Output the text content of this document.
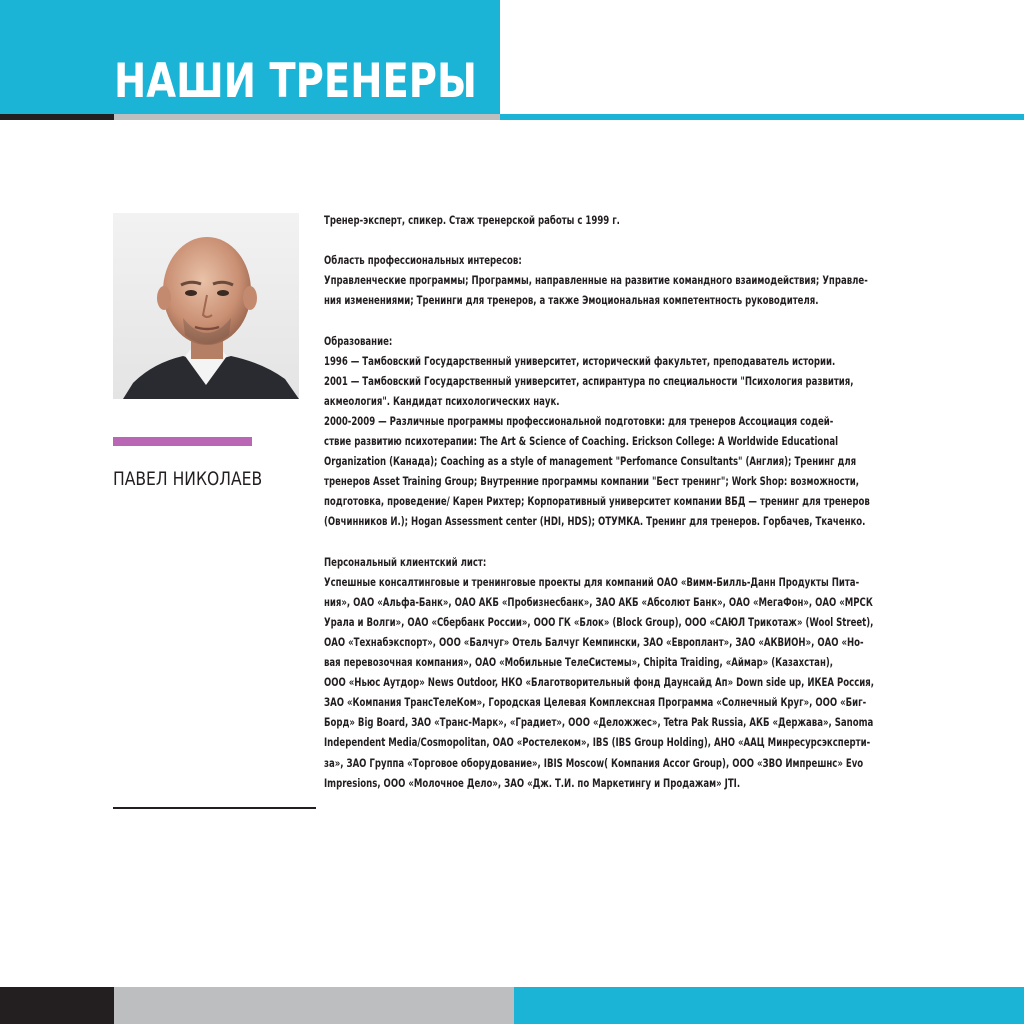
НАШИ ТРЕНЕРЫ
ПАВЕЛ НИКОЛАЕВ

Тренер-эксперт, спикер. Стаж тренерской работы с 1999 г.

Область профессиональных интересов:

Управленческие программы; Программы, направленные на развитие командного взаимодействия; Управле-

ния изменениями; Тренинги для тренеров, а также Эмоциональная компетентность руководителя.

Образование:

1996 — Тамбовский Государственный университет, исторический факультет, преподаватель истории.

2001 — Тамбовский Государственный университет, аспирантура по специальности "Психология развития,

акмеология". Кандидат психологических наук.

2000-2009 — Различные программы профессиональной подготовки: для тренеров Ассоциация содей-

ствие развитию психотерапии: The Art & Science of Coaching. Erickson College: A Worldwide Educational

Organization (Канада); Coaching as a style of management "Perfomance Consultants" (Англия); Тренинг для

тренеров Asset Training Group; Внутренние программы компании "Бест тренинг"; Work Shop: возможности,

подготовка, проведение/ Карен Рихтер; Корпоративный университет компании ВБД — тренинг для тренеров

(Овчинников И.); Hogan Assessment center (HDI, HDS); ОТУМКА. Тренинг для тренеров. Горбачев, Ткаченко.

Персональный клиентский лист:

Успешные консалтинговые и тренинговые проекты для компаний ОАО «Вимм-Билль-Данн Продукты Пита-

ния», ОАО «Альфа-Банк», ОАО АКБ «Пробизнесбанк», ЗАО АКБ «Абсолют Банк», ОАО «МегаФон», ОАО «МРСК

Урала и Волги», ОАО «Сбербанк России», ООО ГК «Блок» (Block Group), ООО «САЮЛ Трикотаж» (Wool Street),

ОАО «Технабэкспорт», ООО «Балчуг» Отель Балчуг Кемпински, ЗАО «Европлант», ЗАО «АКВИОН», ОАО «Но-

вая перевозочная компания», ОАО «Мобильные ТелеСистемы», Chipita Traiding, «Аймар» (Казахстан),

ООО «Ньюс Аутдор» News Outdoor, НКО «Благотворительный фонд Даунсайд Ап» Down side up, ИКЕА Россия,

ЗАО «Компания ТрансТелеКом», Городская Целевая Комплексная Программа «Солнечный Круг», ООО «Биг-

Борд» Big Board, ЗАО «Транс-Марк», «Градиет», ООО «Деложжес», Tetra Pak Russia, АКБ «Держава», Sanoma

Independent Media/Cosmopolitan, ОАО «Ростелеком», IBS (IBS Group Holding), АНО «ААЦ Минресурсэксперти-

за», ЗАО Группа «Торговое оборудование», IBIS Moscow( Компания Accor Group), ООО «ЗВО Импрешнс» Evo

Impresions, ООО «Молочное Дело», ЗАО «Дж. Т.И. по Маркетингу и Продажам» JTI.
